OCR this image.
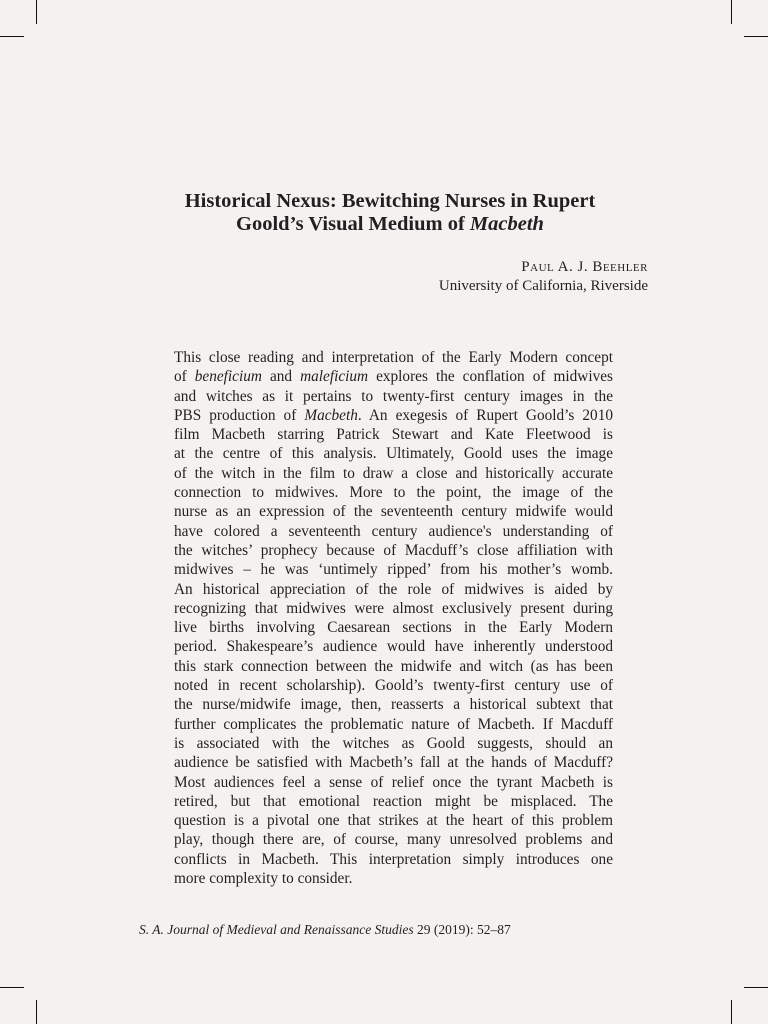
Historical Nexus: Bewitching Nurses in Rupert
Goold’s Visual Medium of Macbeth
Paul A. J. Beehler
University of California, Riverside
This close reading and interpretation of the Early Modern concept
of beneficium and maleficium explores the conflation of midwives
and witches as it pertains to twenty-first century images in the
PBS production of Macbeth. An exegesis of Rupert Goold’s 2010
film Macbeth starring Patrick Stewart and Kate Fleetwood is
at the centre of this analysis. Ultimately, Goold uses the image
of the witch in the film to draw a close and historically accurate
connection to midwives. More to the point, the image of the
nurse as an expression of the seventeenth century midwife would
have colored a seventeenth century audience's understanding of
the witches’ prophecy because of Macduff’s close affiliation with
midwives – he was ‘untimely ripped’ from his mother’s womb.
An historical appreciation of the role of midwives is aided by
recognizing that midwives were almost exclusively present during
live births involving Caesarean sections in the Early Modern
period. Shakespeare’s audience would have inherently understood
this stark connection between the midwife and witch (as has been
noted in recent scholarship). Goold’s twenty-first century use of
the nurse/midwife image, then, reasserts a historical subtext that
further complicates the problematic nature of Macbeth. If Macduff
is associated with the witches as Goold suggests, should an
audience be satisfied with Macbeth’s fall at the hands of Macduff?
Most audiences feel a sense of relief once the tyrant Macbeth is
retired, but that emotional reaction might be misplaced. The
question is a pivotal one that strikes at the heart of this problem
play, though there are, of course, many unresolved problems and
conflicts in Macbeth. This interpretation simply introduces one
more complexity to consider.
S. A. Journal of Medieval and Renaissance Studies 29 (2019): 52–87
